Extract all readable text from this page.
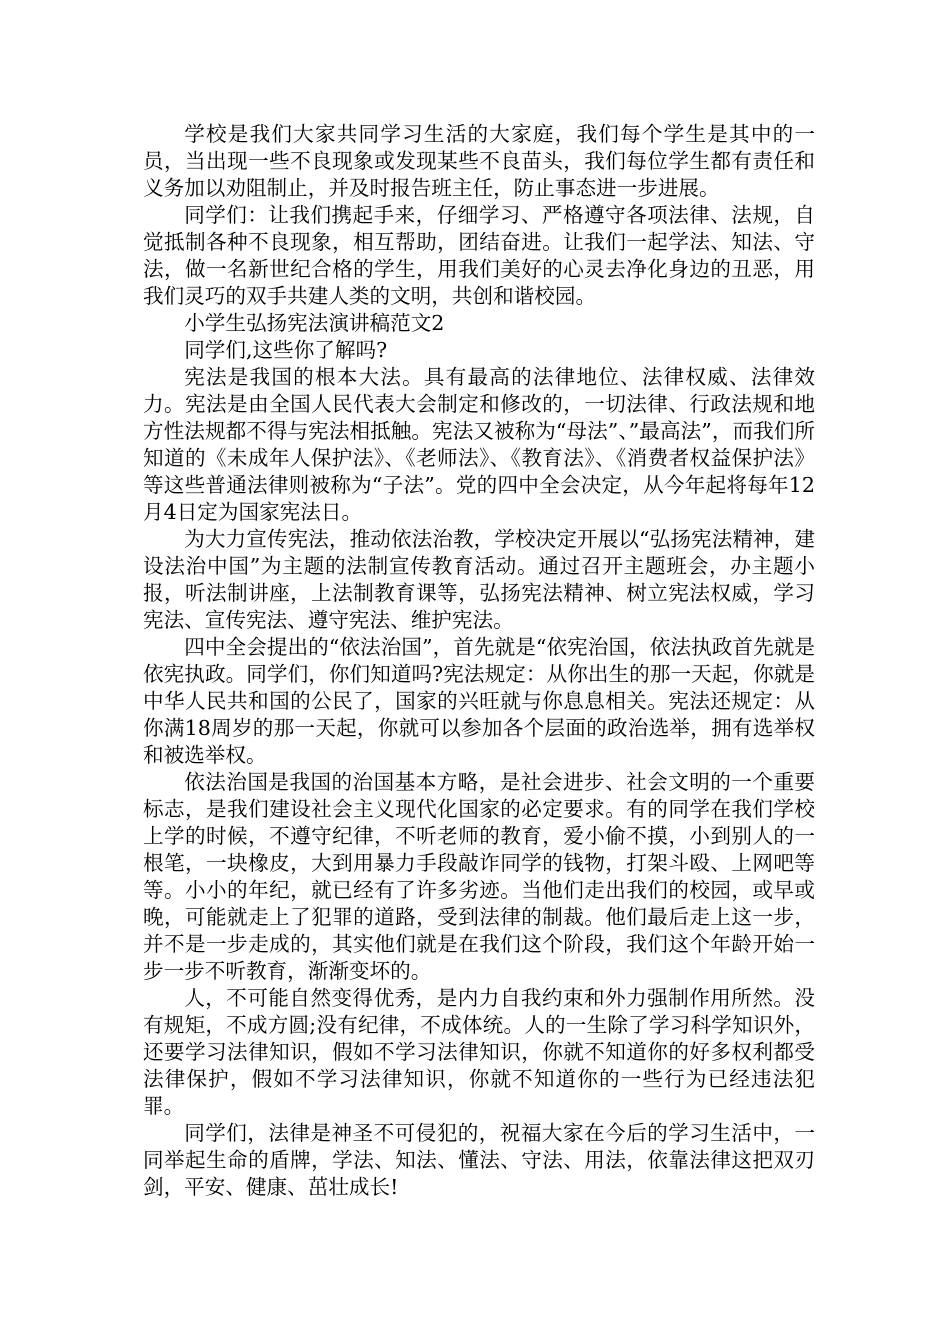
学校是我们大家共同学习生活的大家庭，我们每个学生是其中的一员，当出现一些不良现象或发现某些不良苗头，我们每位学生都有责任和义务加以劝阻制止，并及时报告班主任，防止事态进一步进展。

同学们：让我们携起手来，仔细学习、严格遵守各项法律、法规，自觉抵制各种不良现象，相互帮助，团结奋进。让我们一起学法、知法、守法，做一名新世纪合格的学生，用我们美好的心灵去净化身边的丑恶，用我们灵巧的双手共建人类的文明，共创和谐校园。

小学生弘扬宪法演讲稿范文2

同学们,这些你了解吗?

宪法是我国的根本大法。具有最高的法律地位、法律权威、法律效力。宪法是由全国人民代表大会制定和修改的，一切法律、行政法规和地方性法规都不得与宪法相抵触。宪法又被称为“母法”、”最高法”，而我们所知道的《未成年人保护法》、《老师法》、《教育法》、《消费者权益保护法》等这些普通法律则被称为“子法”。党的四中全会决定，从今年起将每年12月4日定为国家宪法日。

为大力宣传宪法，推动依法治教，学校决定开展以“弘扬宪法精神，建设法治中国”为主题的法制宣传教育活动。通过召开主题班会，办主题小报，听法制讲座，上法制教育课等，弘扬宪法精神、树立宪法权威，学习宪法、宣传宪法、遵守宪法、维护宪法。

四中全会提出的“依法治国”，首先就是“依宪治国，依法执政首先就是依宪执政。同学们，你们知道吗?宪法规定：从你出生的那一天起，你就是中华人民共和国的公民了，国家的兴旺就与你息息相关。宪法还规定：从你满18周岁的那一天起，你就可以参加各个层面的政治选举，拥有选举权和被选举权。

依法治国是我国的治国基本方略，是社会进步、社会文明的一个重要标志，是我们建设社会主义现代化国家的必定要求。有的同学在我们学校上学的时候，不遵守纪律，不听老师的教育，爱小偷不摸，小到别人的一根笔，一块橡皮，大到用暴力手段敲诈同学的钱物，打架斗殴、上网吧等等。小小的年纪，就已经有了许多劣迹。当他们走出我们的校园，或早或晚，可能就走上了犯罪的道路，受到法律的制裁。他们最后走上这一步，并不是一步走成的，其实他们就是在我们这个阶段，我们这个年龄开始一步一步不听教育，渐渐变坏的。

人，不可能自然变得优秀，是内力自我约束和外力强制作用所然。没有规矩，不成方圆;没有纪律，不成体统。人的一生除了学习科学知识外，还要学习法律知识，假如不学习法律知识，你就不知道你的好多权利都受法律保护，假如不学习法律知识，你就不知道你的一些行为已经违法犯罪。

同学们，法律是神圣不可侵犯的，祝福大家在今后的学习生活中，一同举起生命的盾牌，学法、知法、懂法、守法、用法，依靠法律这把双刃剑，平安、健康、茁壮成长!
